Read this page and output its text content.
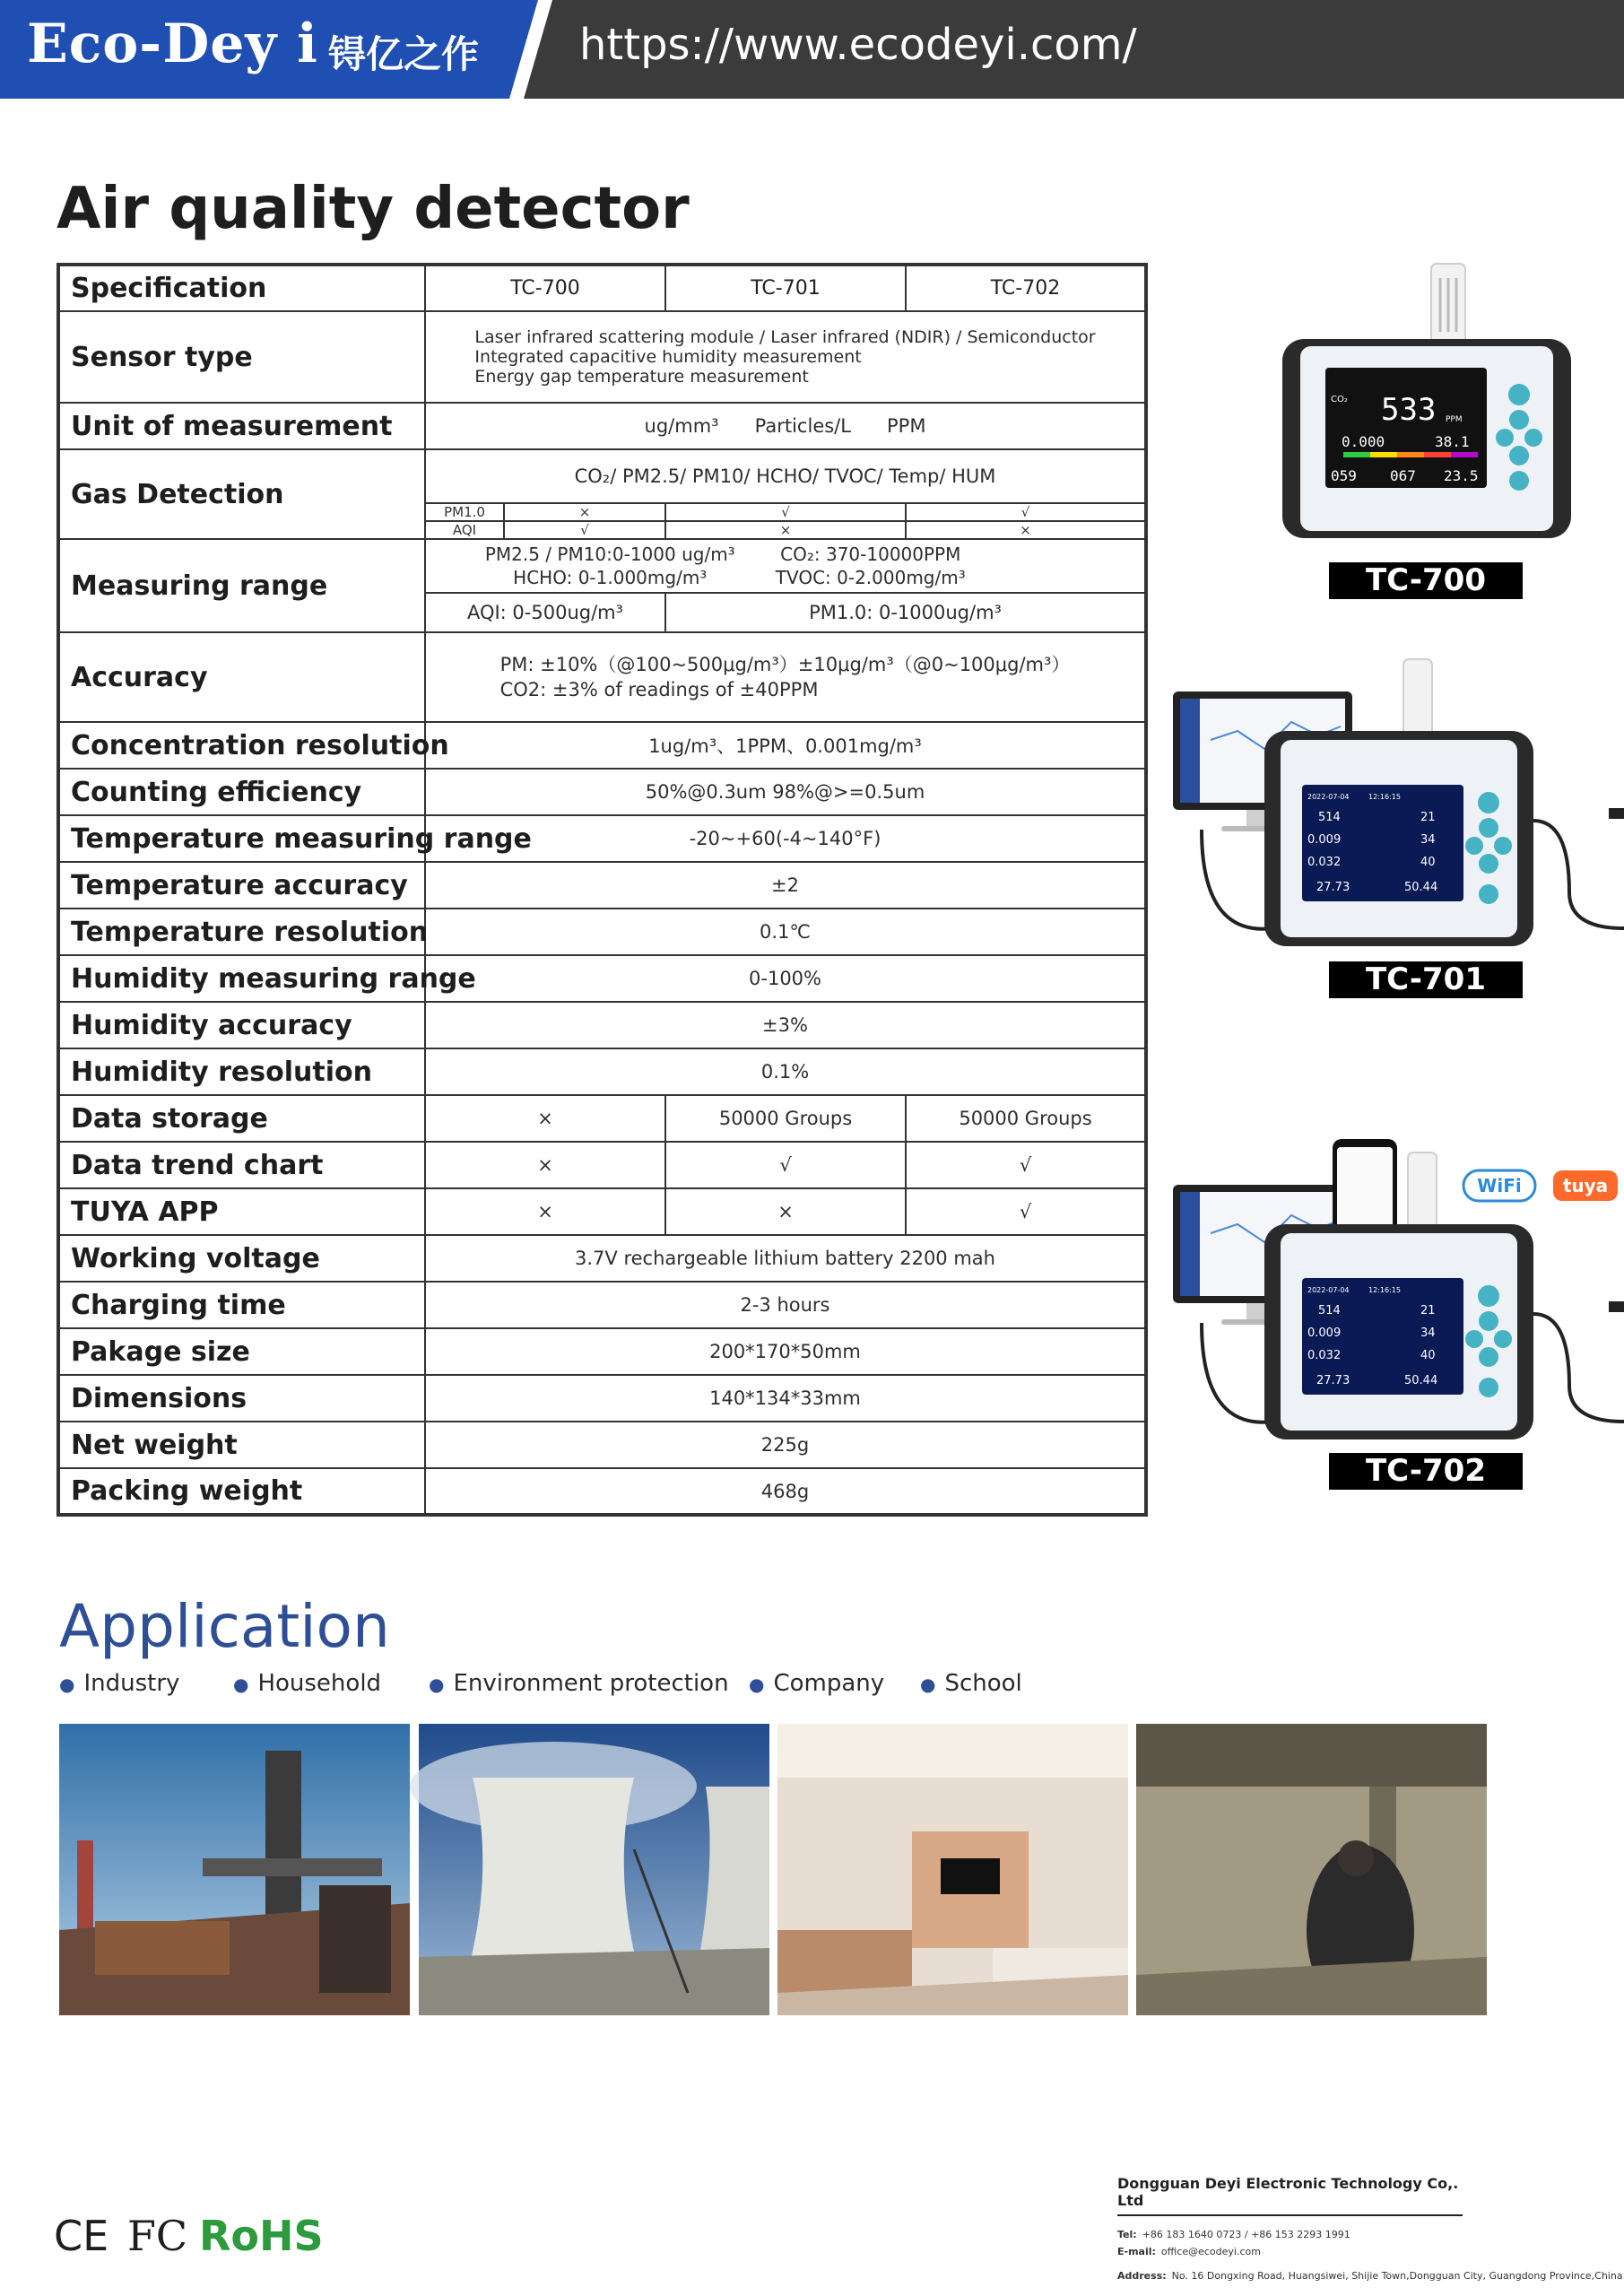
Eco-Dey i 锝亿之作 https://www.ecodeyi.com/
Air quality detector
Specification	TC-700		TC-701	TC-702
Sensor type	Laser infrared scattering module / Laser infrared (NDIR) / Semiconductor
Integrated capacitive humidity measurement
Energy gap temperature measurement			

Unit of measurement	ug/mm³      Particles/L      PPM			
Gas Detection	CO₂/ PM2.5/ PM10/ HCHO/ TVOC/ Temp/ HUM			
	PM1.0	×	√	√
	AQI	√	×	×
Measuring range	PM2.5 / PM10:0-1000 ug/m³ CO₂: 370-10000PPM
HCHO: 0-1.000mg/m³ TVOC: 0-2.000mg/m³			

	AQI: 0-500ug/m³		PM1.0: 0-1000ug/m³	
Accuracy	PM: ±10%（@100~500μg/m³）±10μg/m³（@0~100μg/m³）
CO2: ±3% of readings of ±40PPM			

Concentration resolution	1ug/m³、1PPM、0.001mg/m³			
Counting efficiency	50%@0.3um 98%@>=0.5um			
Temperature measuring range	-20~+60(-4~140°F)			
Temperature accuracy	±2			
Temperature resolution	0.1℃			
Humidity measuring range	0-100%			
Humidity accuracy	±3%			
Humidity resolution	0.1%			
Data storage	×		50000 Groups	50000 Groups
Data trend chart	×		√	√
TUYA APP	×		×	√
Working voltage	3.7V rechargeable lithium battery 2200 mah			
Charging time	2-3 hours			
Pakage size	200*170*50mm			
Dimensions	140*134*33mm			
Net weight	225g			
Packing weight	468g			
CO₂ 533 PPM
0.000	38.1
059 067 23.5
TC-700
2022-07-04	12:16:15
514	21
0.009	34
0.032	40
27.73	50.44
TC-701
2022-07-04	12:16:15
514	21
0.009	34
0.032	40
27.73	50.44
WiFi tuya
TC-702
Application
● Industry	● Household	● Environment protection ● Company ● School
CE FC RoHS
Dongguan Deyi Electronic Technology Co,. Ltd
Tel: +86 183 1640 0723 / +86 153 2293 1991
E-mail: office@ecodeyi.com
Address: No. 16 Dongxing Road, Huangsiwei, Shijie Town,Dongguan City, Guangdong Province,China
